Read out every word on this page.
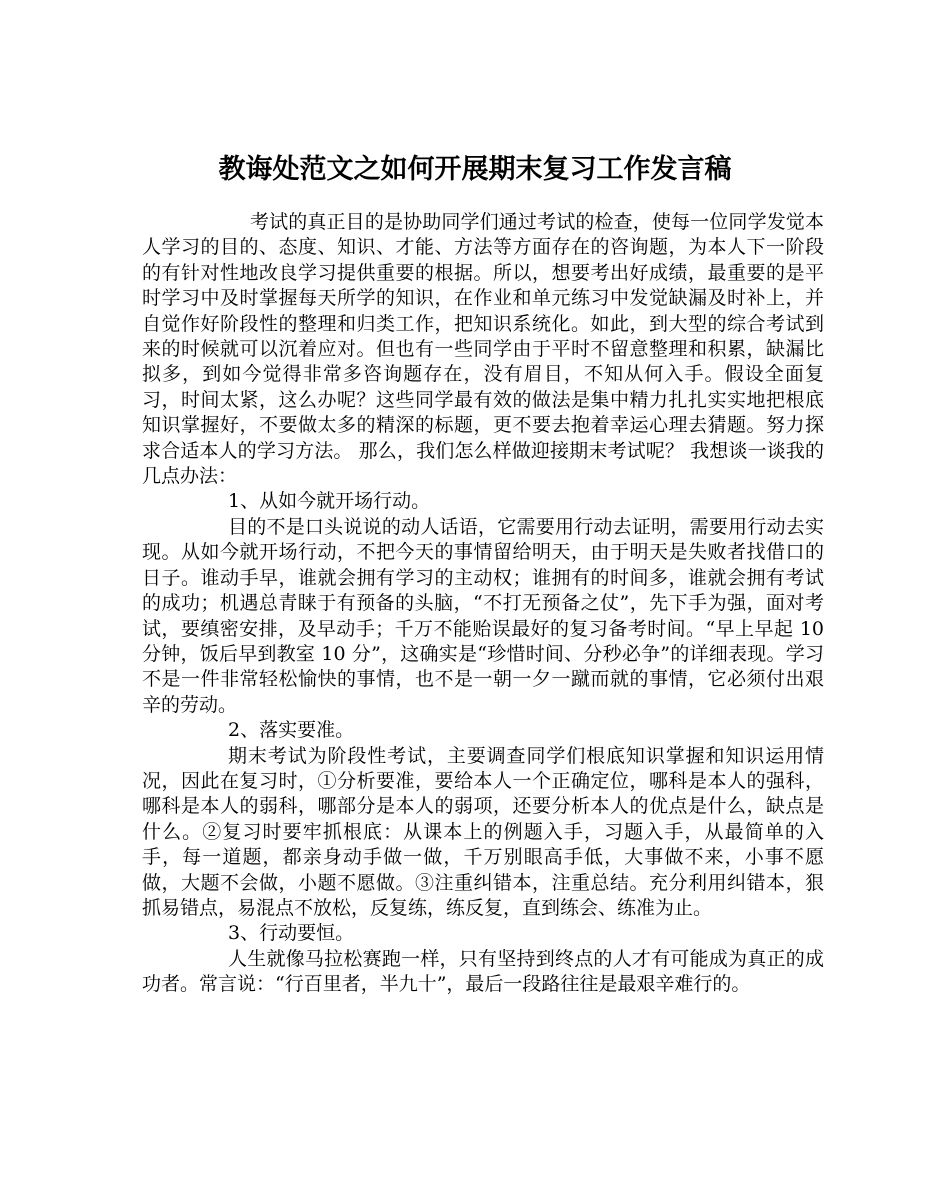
教诲处范文之如何开展期末复习工作发言稿

考试的真正目的是协助同学们通过考试的检查，使每一位同学发觉本人学习的目的、态度、知识、才能、方法等方面存在的咨询题，为本人下一阶段的有针对性地改良学习提供重要的根据。所以，想要考出好成绩，最重要的是平时学习中及时掌握每天所学的知识，在作业和单元练习中发觉缺漏及时补上，并自觉作好阶段性的整理和归类工作，把知识系统化。如此，到大型的综合考试到来的时候就可以沉着应对。但也有一些同学由于平时不留意整理和积累，缺漏比拟多，到如今觉得非常多咨询题存在，没有眉目，不知从何入手。假设全面复习，时间太紧，这么办呢？这些同学最有效的做法是集中精力扎扎实实地把根底知识掌握好，不要做太多的精深的标题，更不要去抱着幸运心理去猜题。努力探求合适本人的学习方法。 那么，我们怎么样做迎接期末考试呢？ 我想谈一谈我的几点办法：

1、从如今就开场行动。

目的不是口头说说的动人话语，它需要用行动去证明，需要用行动去实现。从如今就开场行动，不把今天的事情留给明天，由于明天是失败者找借口的日子。谁动手早，谁就会拥有学习的主动权；谁拥有的时间多，谁就会拥有考试的成功；机遇总青睐于有预备的头脑，“不打无预备之仗”，先下手为强，面对考试，要缜密安排，及早动手；千万不能贻误最好的复习备考时间。“早上早起 10 分钟，饭后早到教室 10 分”，这确实是“珍惜时间、分秒必争”的详细表现。学习不是一件非常轻松愉快的事情，也不是一朝一夕一蹴而就的事情，它必须付出艰辛的劳动。

2、落实要准。

期末考试为阶段性考试，主要调查同学们根底知识掌握和知识运用情况，因此在复习时，①分析要准，要给本人一个正确定位，哪科是本人的强科，哪科是本人的弱科，哪部分是本人的弱项，还要分析本人的优点是什么，缺点是什么。②复习时要牢抓根底：从课本上的例题入手，习题入手，从最简单的入手，每一道题，都亲身动手做一做，千万别眼高手低，大事做不来，小事不愿做，大题不会做，小题不愿做。③注重纠错本，注重总结。充分利用纠错本，狠抓易错点，易混点不放松，反复练，练反复，直到练会、练准为止。

3、行动要恒。

人生就像马拉松赛跑一样，只有坚持到终点的人才有可能成为真正的成功者。常言说：“行百里者，半九十”，最后一段路往往是最艰辛难行的。
